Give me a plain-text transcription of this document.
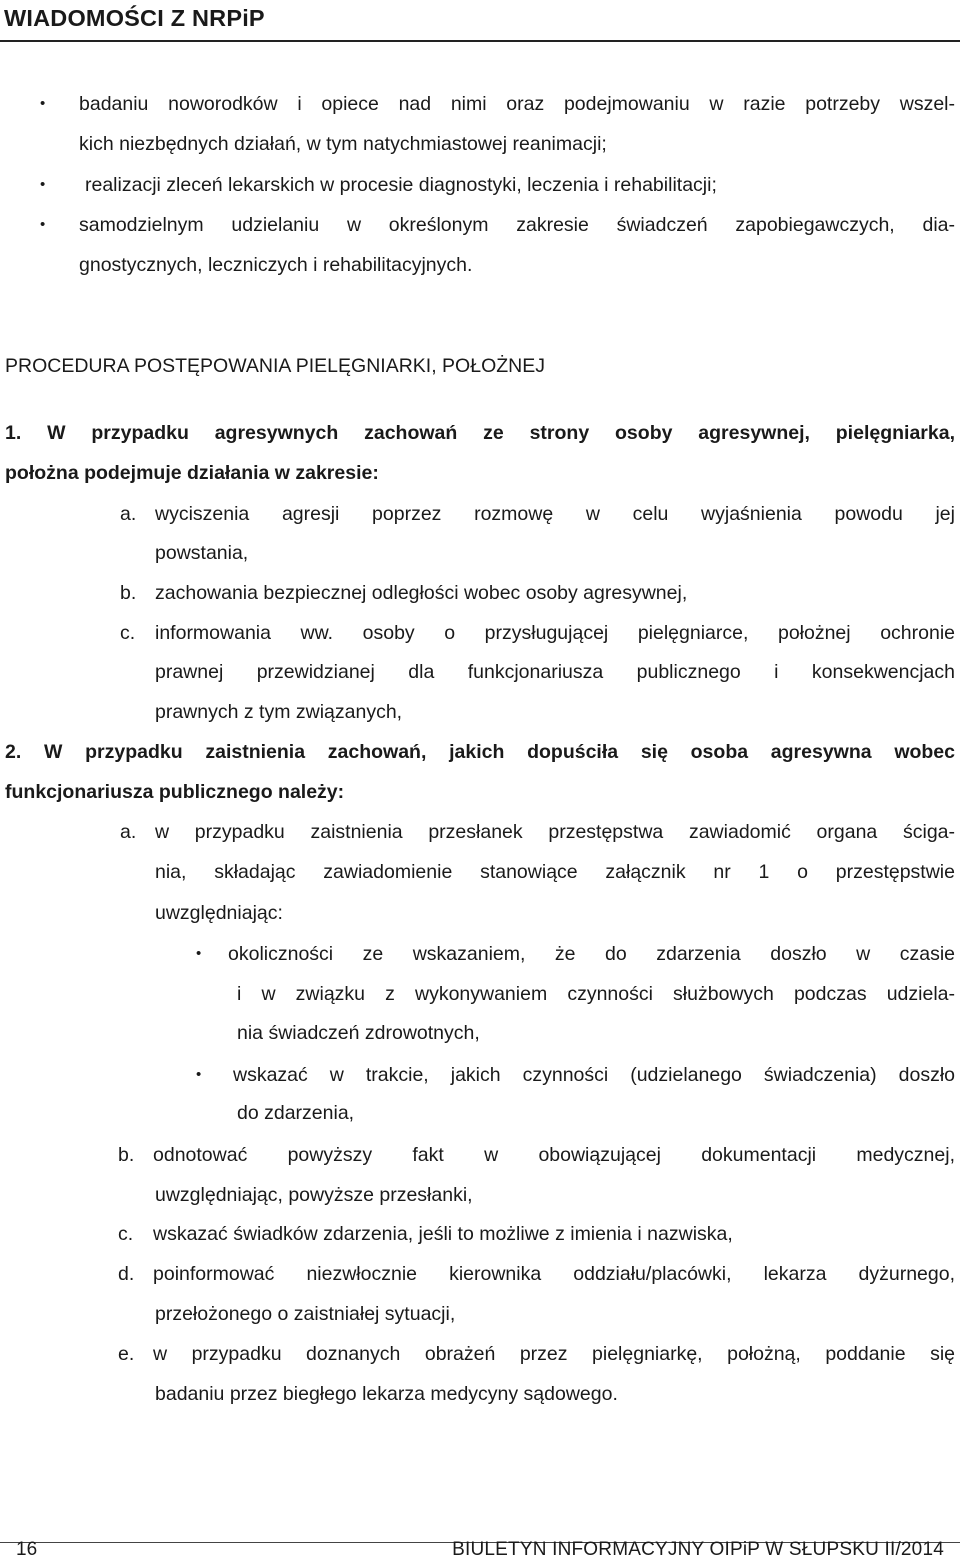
WIADOMOŚCI Z NRPiP
• badaniu noworodków i opiece nad nimi oraz podejmowaniu w razie potrzeby wszel-
kich niezbędnych działań, w tym natychmiastowej reanimacji;
• realizacji zleceń lekarskich w procesie diagnostyki, leczenia i rehabilitacji;
• samodzielnym udzielaniu w określonym zakresie świadczeń zapobiegawczych, dia-
gnostycznych, leczniczych i rehabilitacyjnych.
PROCEDURA POSTĘPOWANIA PIELĘGNIARKI, POŁOŻNEJ
1. W przypadku agresywnych zachowań ze strony osoby agresywnej, pielęgniarka,
położna podejmuje działania w zakresie:
a. wyciszenia agresji poprzez rozmowę w celu wyjaśnienia powodu jej
powstania,
b. zachowania bezpiecznej odległości wobec osoby agresywnej,
c. informowania ww. osoby o przysługującej pielęgniarce, położnej ochronie
prawnej przewidzianej dla funkcjonariusza publicznego i konsekwencjach
prawnych z tym związanych,
2. W przypadku zaistnienia zachowań, jakich dopuściła się osoba agresywna wobec
funkcjonariusza publicznego należy:
a. w przypadku zaistnienia przesłanek przestępstwa zawiadomić organa ściga-
nia, składając zawiadomienie stanowiące załącznik nr 1 o przestępstwie
uwzględniając:
• okoliczności ze wskazaniem, że do zdarzenia doszło w czasie
i w związku z wykonywaniem czynności służbowych podczas udziela-
nia świadczeń zdrowotnych,
• wskazać w trakcie, jakich czynności (udzielanego świadczenia) doszło
do zdarzenia,
b. odnotować powyższy fakt w obowiązującej dokumentacji medycznej,
uwzględniając, powyższe przesłanki,
c. wskazać świadków zdarzenia, jeśli to możliwe z imienia i nazwiska,
d. poinformować niezwłocznie kierownika oddziału/placówki, lekarza dyżurnego,
przełożonego o zaistniałej sytuacji,
e. w przypadku doznanych obrażeń przez pielęgniarkę, położną, poddanie się
badaniu przez biegłego lekarza medycyny sądowego.
16	BIULETYN INFORMACYJNY OIPiP W SŁUPSKU II/2014
